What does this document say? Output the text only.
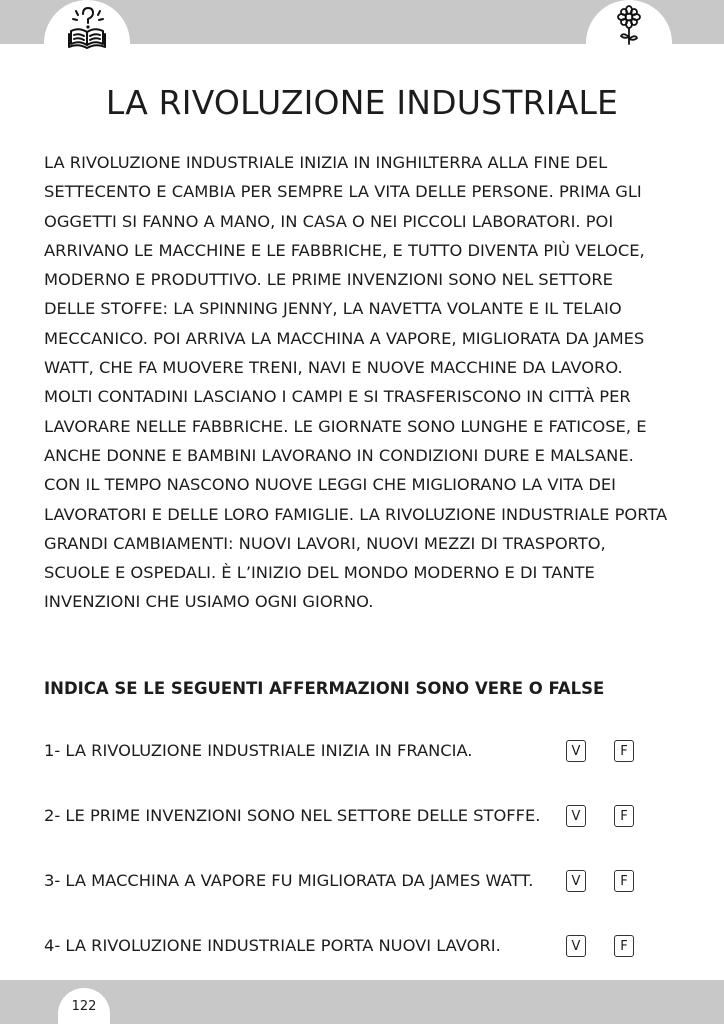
LA RIVOLUZIONE INDUSTRIALE
LA RIVOLUZIONE INDUSTRIALE INIZIA IN INGHILTERRA ALLA FINE DEL
SETTECENTO E CAMBIA PER SEMPRE LA VITA DELLE PERSONE. PRIMA GLI
OGGETTI SI FANNO A MANO, IN CASA O NEI PICCOLI LABORATORI. POI
ARRIVANO LE MACCHINE E LE FABBRICHE, E TUTTO DIVENTA PIÙ VELOCE,
MODERNO E PRODUTTIVO. LE PRIME INVENZIONI SONO NEL SETTORE
DELLE STOFFE: LA SPINNING JENNY, LA NAVETTA VOLANTE E IL TELAIO
MECCANICO. POI ARRIVA LA MACCHINA A VAPORE, MIGLIORATA DA JAMES
WATT, CHE FA MUOVERE TRENI, NAVI E NUOVE MACCHINE DA LAVORO.
MOLTI CONTADINI LASCIANO I CAMPI E SI TRASFERISCONO IN CITTÀ PER
LAVORARE NELLE FABBRICHE. LE GIORNATE SONO LUNGHE E FATICOSE, E
ANCHE DONNE E BAMBINI LAVORANO IN CONDIZIONI DURE E MALSANE.
CON IL TEMPO NASCONO NUOVE LEGGI CHE MIGLIORANO LA VITA DEI
LAVORATORI E DELLE LORO FAMIGLIE. LA RIVOLUZIONE INDUSTRIALE PORTA
GRANDI CAMBIAMENTI: NUOVI LAVORI, NUOVI MEZZI DI TRASPORTO,
SCUOLE E OSPEDALI. È L’INIZIO DEL MONDO MODERNO E DI TANTE
INVENZIONI CHE USIAMO OGNI GIORNO.
INDICA SE LE SEGUENTI AFFERMAZIONI SONO VERE O FALSE
1- LA RIVOLUZIONE INDUSTRIALE INIZIA IN FRANCIA.	V	F
2- LE PRIME INVENZIONI SONO NEL SETTORE DELLE STOFFE.	V	F
3- LA MACCHINA A VAPORE FU MIGLIORATA DA JAMES WATT.	V	F
4- LA RIVOLUZIONE INDUSTRIALE PORTA NUOVI LAVORI.	V	F
122
